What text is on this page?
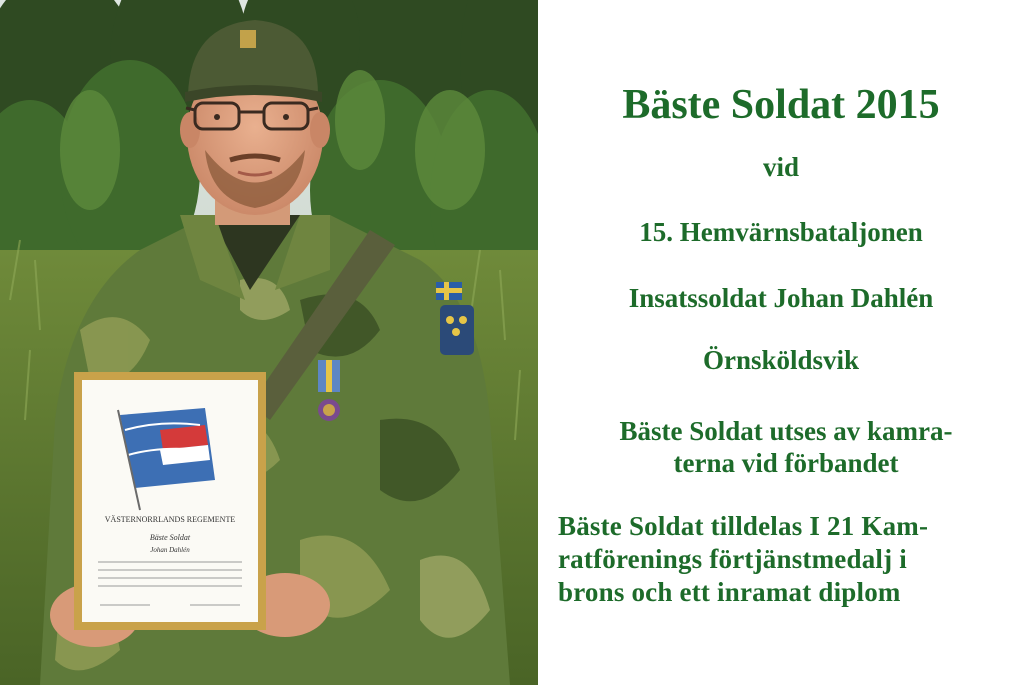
VÄSTERNORRLANDS REGEMENTE
Bäste Soldat
Johan Dahlén

Bäste Soldat 2015

vid

15. Hemvärnsbataljonen

Insatssoldat Johan Dahlén

Örnsköldsvik

Bäste Soldat utses av kamra-
terna vid förbandet

Bäste Soldat tilldelas I 21 Kam-
ratförenings förtjänstmedalj i
brons och ett inramat diplom
